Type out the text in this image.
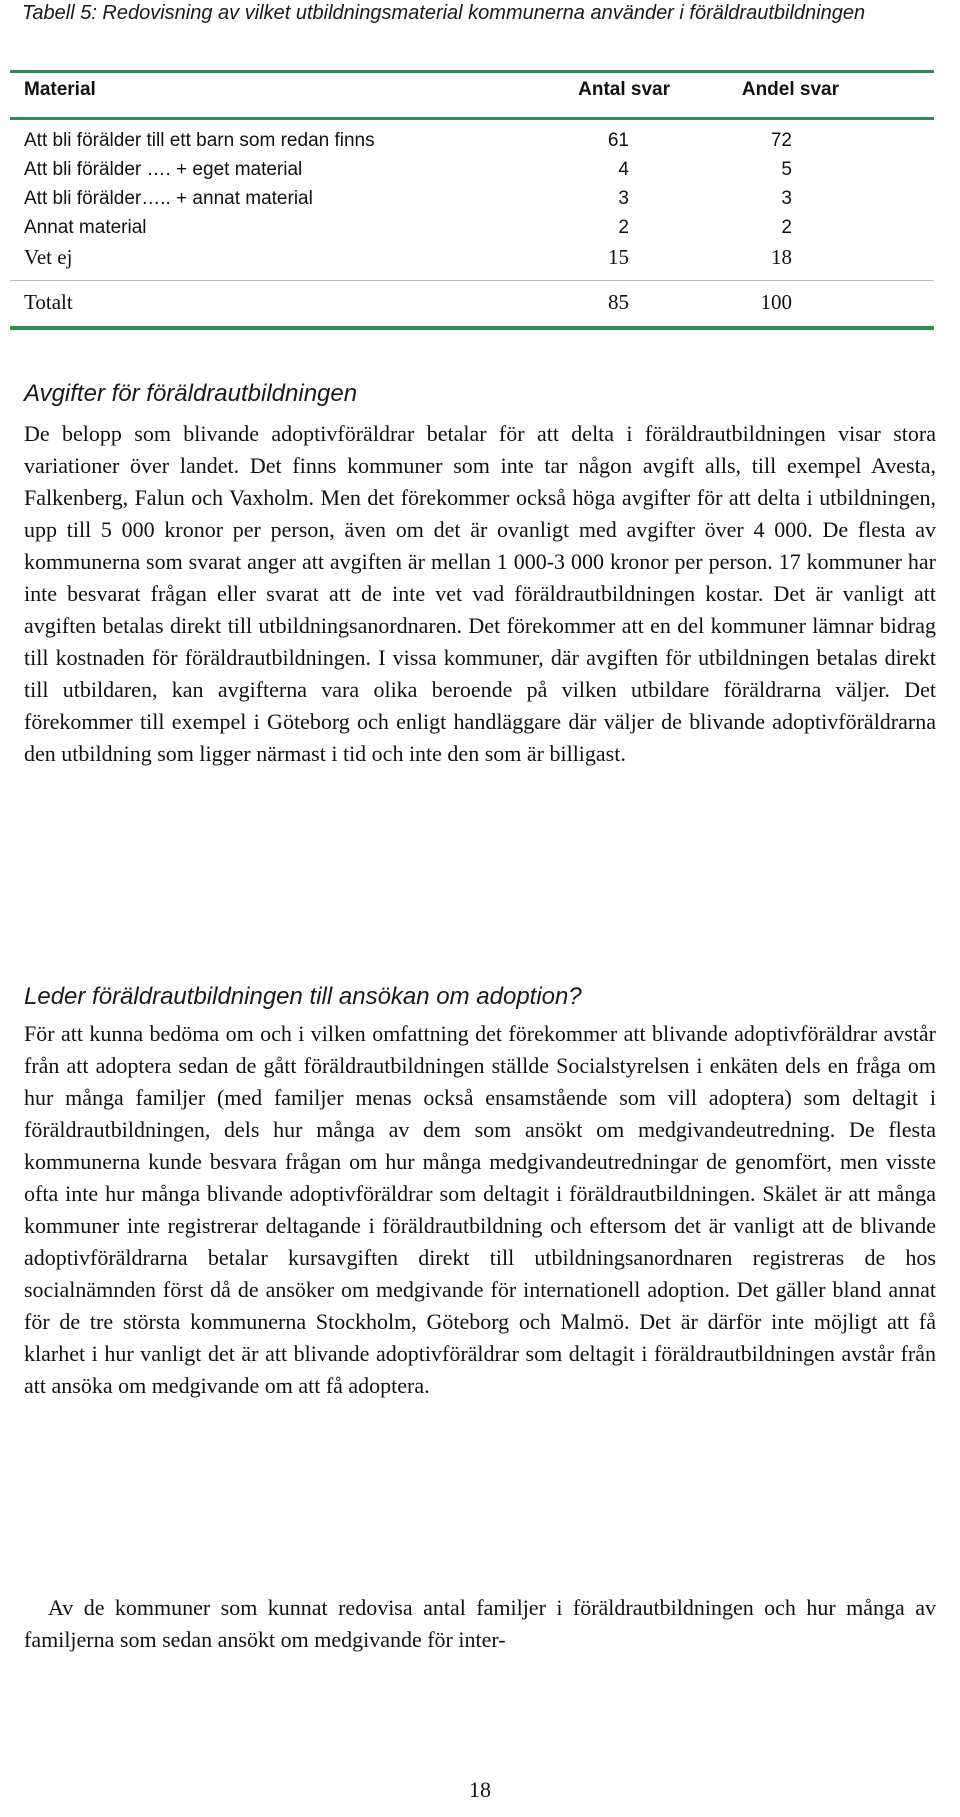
Tabell 5: Redovisning av vilket utbildningsmaterial kommunerna använder i föräldrautbildningen
Material	Antal svar	Andel svar
Att bli förälder till ett barn som redan finns	61	72
Att bli förälder …. + eget material	4	5
Att bli förälder….. + annat material	3	3
Annat material	2	2
Vet ej	15	18
Totalt	85	100
Avgifter för föräldrautbildningen
De belopp som blivande adoptivföräldrar betalar för att delta i föräldrautbildningen visar stora variationer över landet. Det finns kommuner som inte tar någon avgift alls, till exempel Avesta, Falkenberg, Falun och Vaxholm. Men det förekommer också höga avgifter för att delta i utbildningen, upp till 5 000 kronor per person, även om det är ovanligt med avgifter över 4 000. De flesta av kommunerna som svarat anger att avgiften är mellan 1 000-3 000 kronor per person. 17 kommuner har inte besvarat frågan eller svarat att de inte vet vad föräldrautbildningen kostar. Det är vanligt att avgiften betalas direkt till utbildningsanordnaren. Det förekommer att en del kommuner lämnar bidrag till kostnaden för föräldrautbildningen. I vissa kommuner, där avgiften för utbildningen betalas direkt till utbildaren, kan avgifterna vara olika beroende på vilken utbildare föräldrarna väljer. Det förekommer till exempel i Göteborg och enligt handläggare där väljer de blivande adoptivföräldrarna den utbildning som ligger närmast i tid och inte den som är billigast.
Leder föräldrautbildningen till ansökan om adoption?
För att kunna bedöma om och i vilken omfattning det förekommer att blivande adoptivföräldrar avstår från att adoptera sedan de gått föräldrautbildningen ställde Socialstyrelsen i enkäten dels en fråga om hur många familjer (med familjer menas också ensamstående som vill adoptera) som deltagit i föräldrautbildningen, dels hur många av dem som ansökt om medgivandeutredning. De flesta kommunerna kunde besvara frågan om hur många medgivandeutredningar de genomfört, men visste ofta inte hur många blivande adoptivföräldrar som deltagit i föräldrautbildningen. Skälet är att många kommuner inte registrerar deltagande i föräldrautbildning och eftersom det är vanligt att de blivande adoptivföräldrarna betalar kursavgiften direkt till utbildningsanordnaren registreras de hos socialnämnden först då de ansöker om medgivande för internationell adoption. Det gäller bland annat för de tre största kommunerna Stockholm, Göteborg och Malmö. Det är därför inte möjligt att få klarhet i hur vanligt det är att blivande adoptivföräldrar som deltagit i föräldrautbildningen avstår från att ansöka om medgivande om att få adoptera.
Av de kommuner som kunnat redovisa antal familjer i föräldrautbildningen och hur många av familjerna som sedan ansökt om medgivande för inter-
18
